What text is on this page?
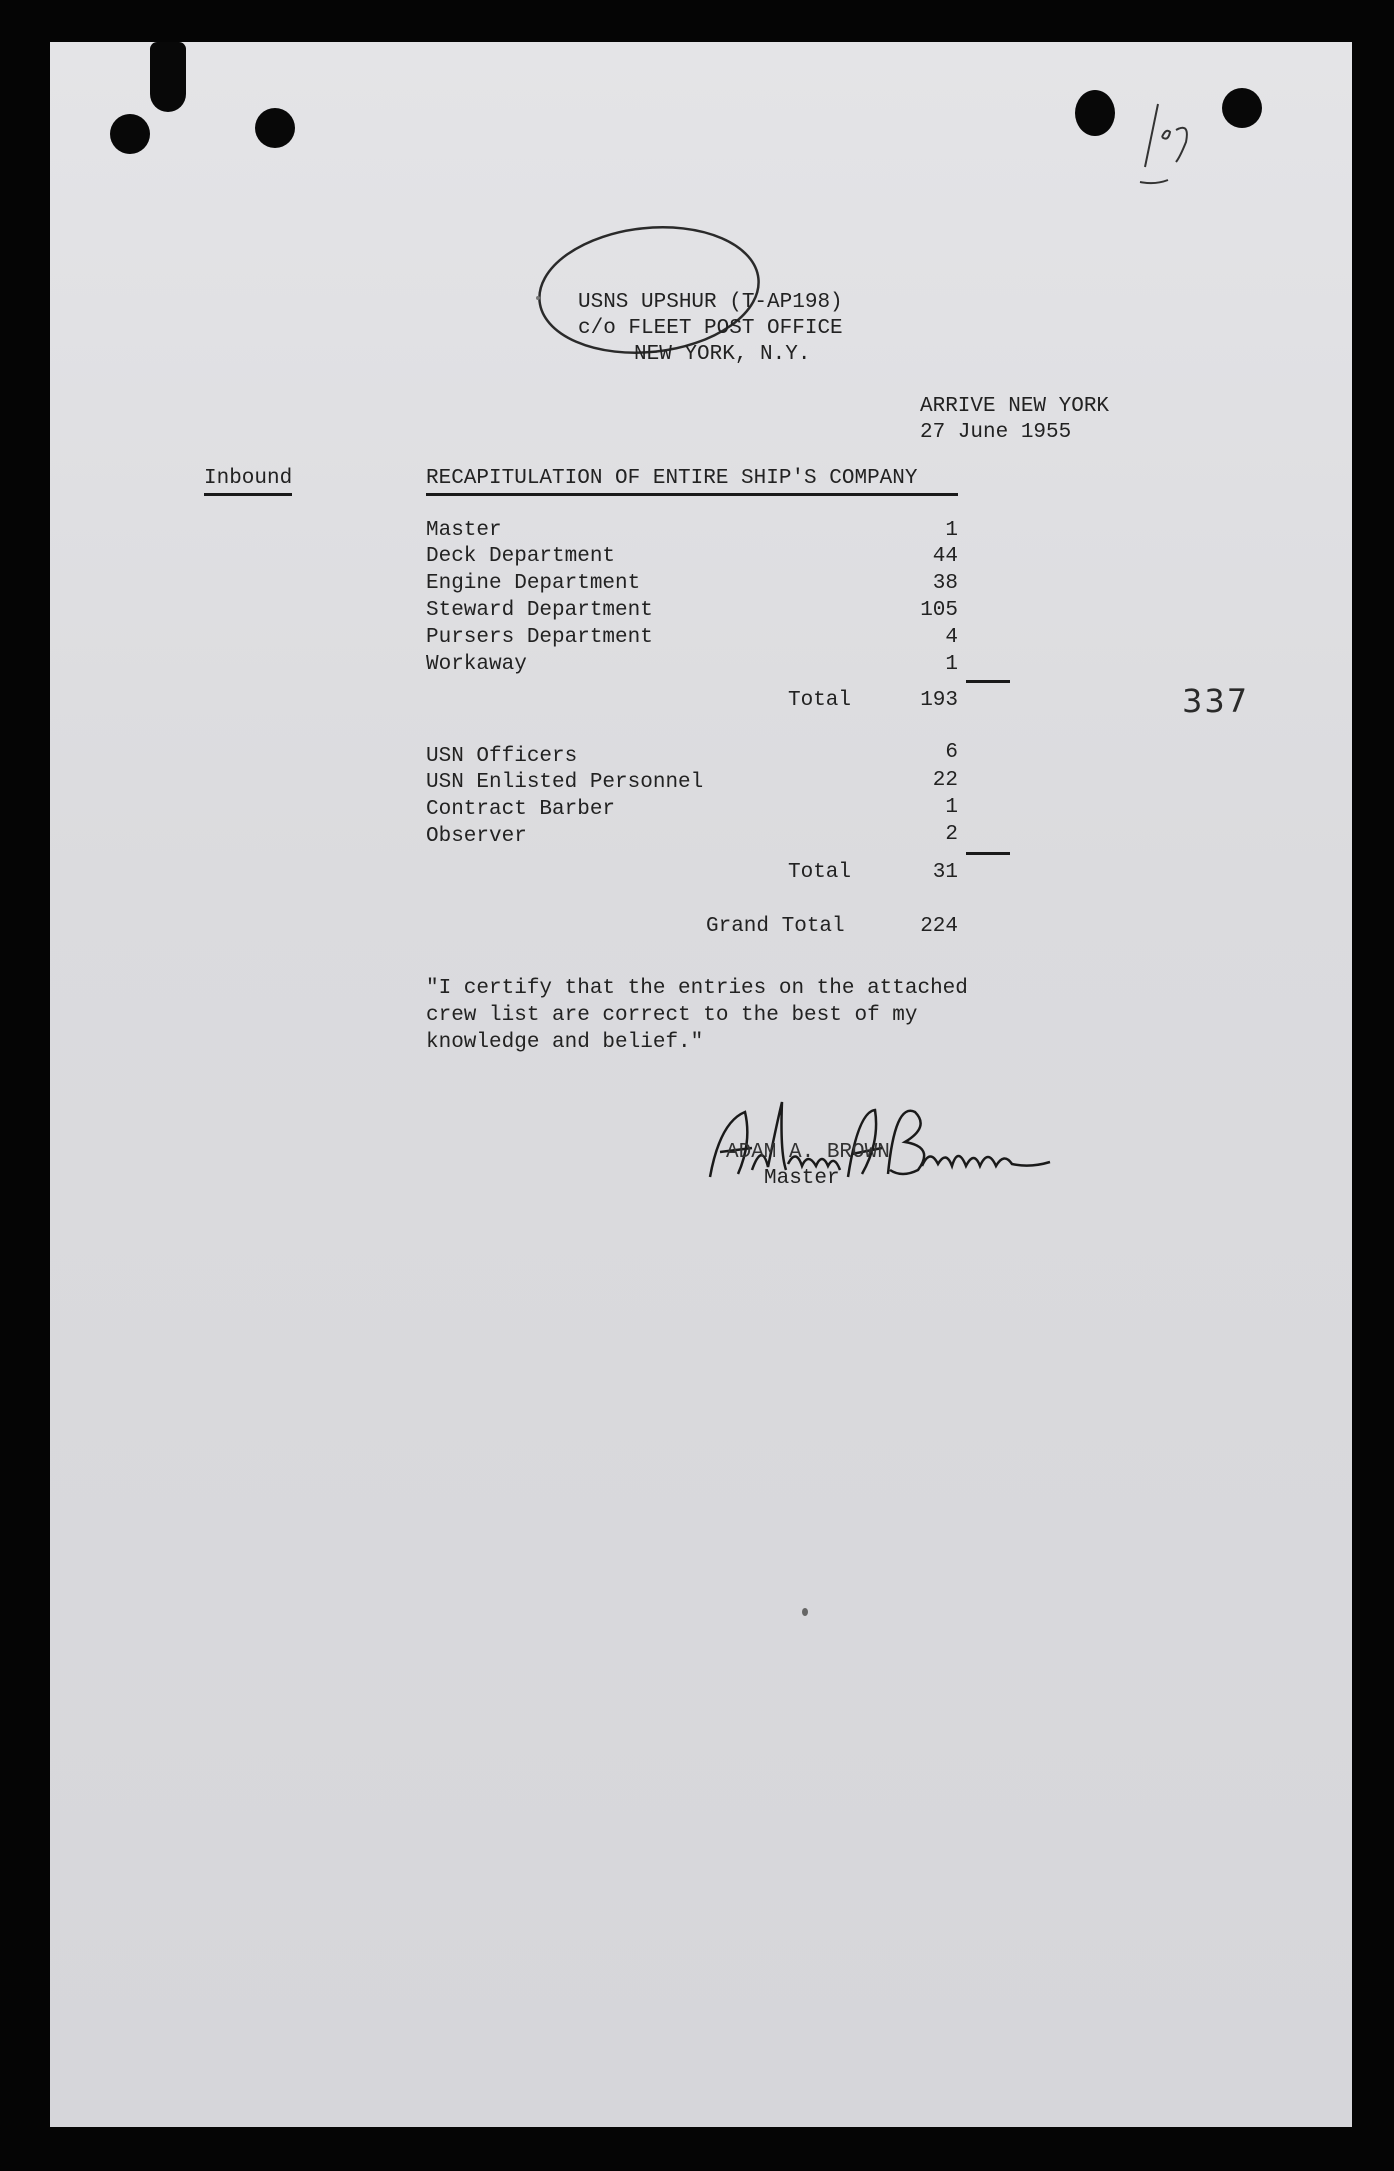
USNS UPSHUR (T-AP198)
c/o FLEET POST OFFICE
NEW YORK, N.Y.
ARRIVE NEW YORK
27 June 1955
Inbound	RECAPITULATION OF ENTIRE SHIP'S COMPANY
Master	1
Deck Department	44
Engine Department	38
Steward Department	105
Pursers Department	4
Workaway	1
Total	193	337
USN Officers	6
USN Enlisted Personnel	22
Contract Barber	1
Observer	2
Total	31
Grand Total	224
"I certify that the entries on the attached
crew list are correct to the best of my
knowledge and belief."
ADAM A. BROWN
Master
